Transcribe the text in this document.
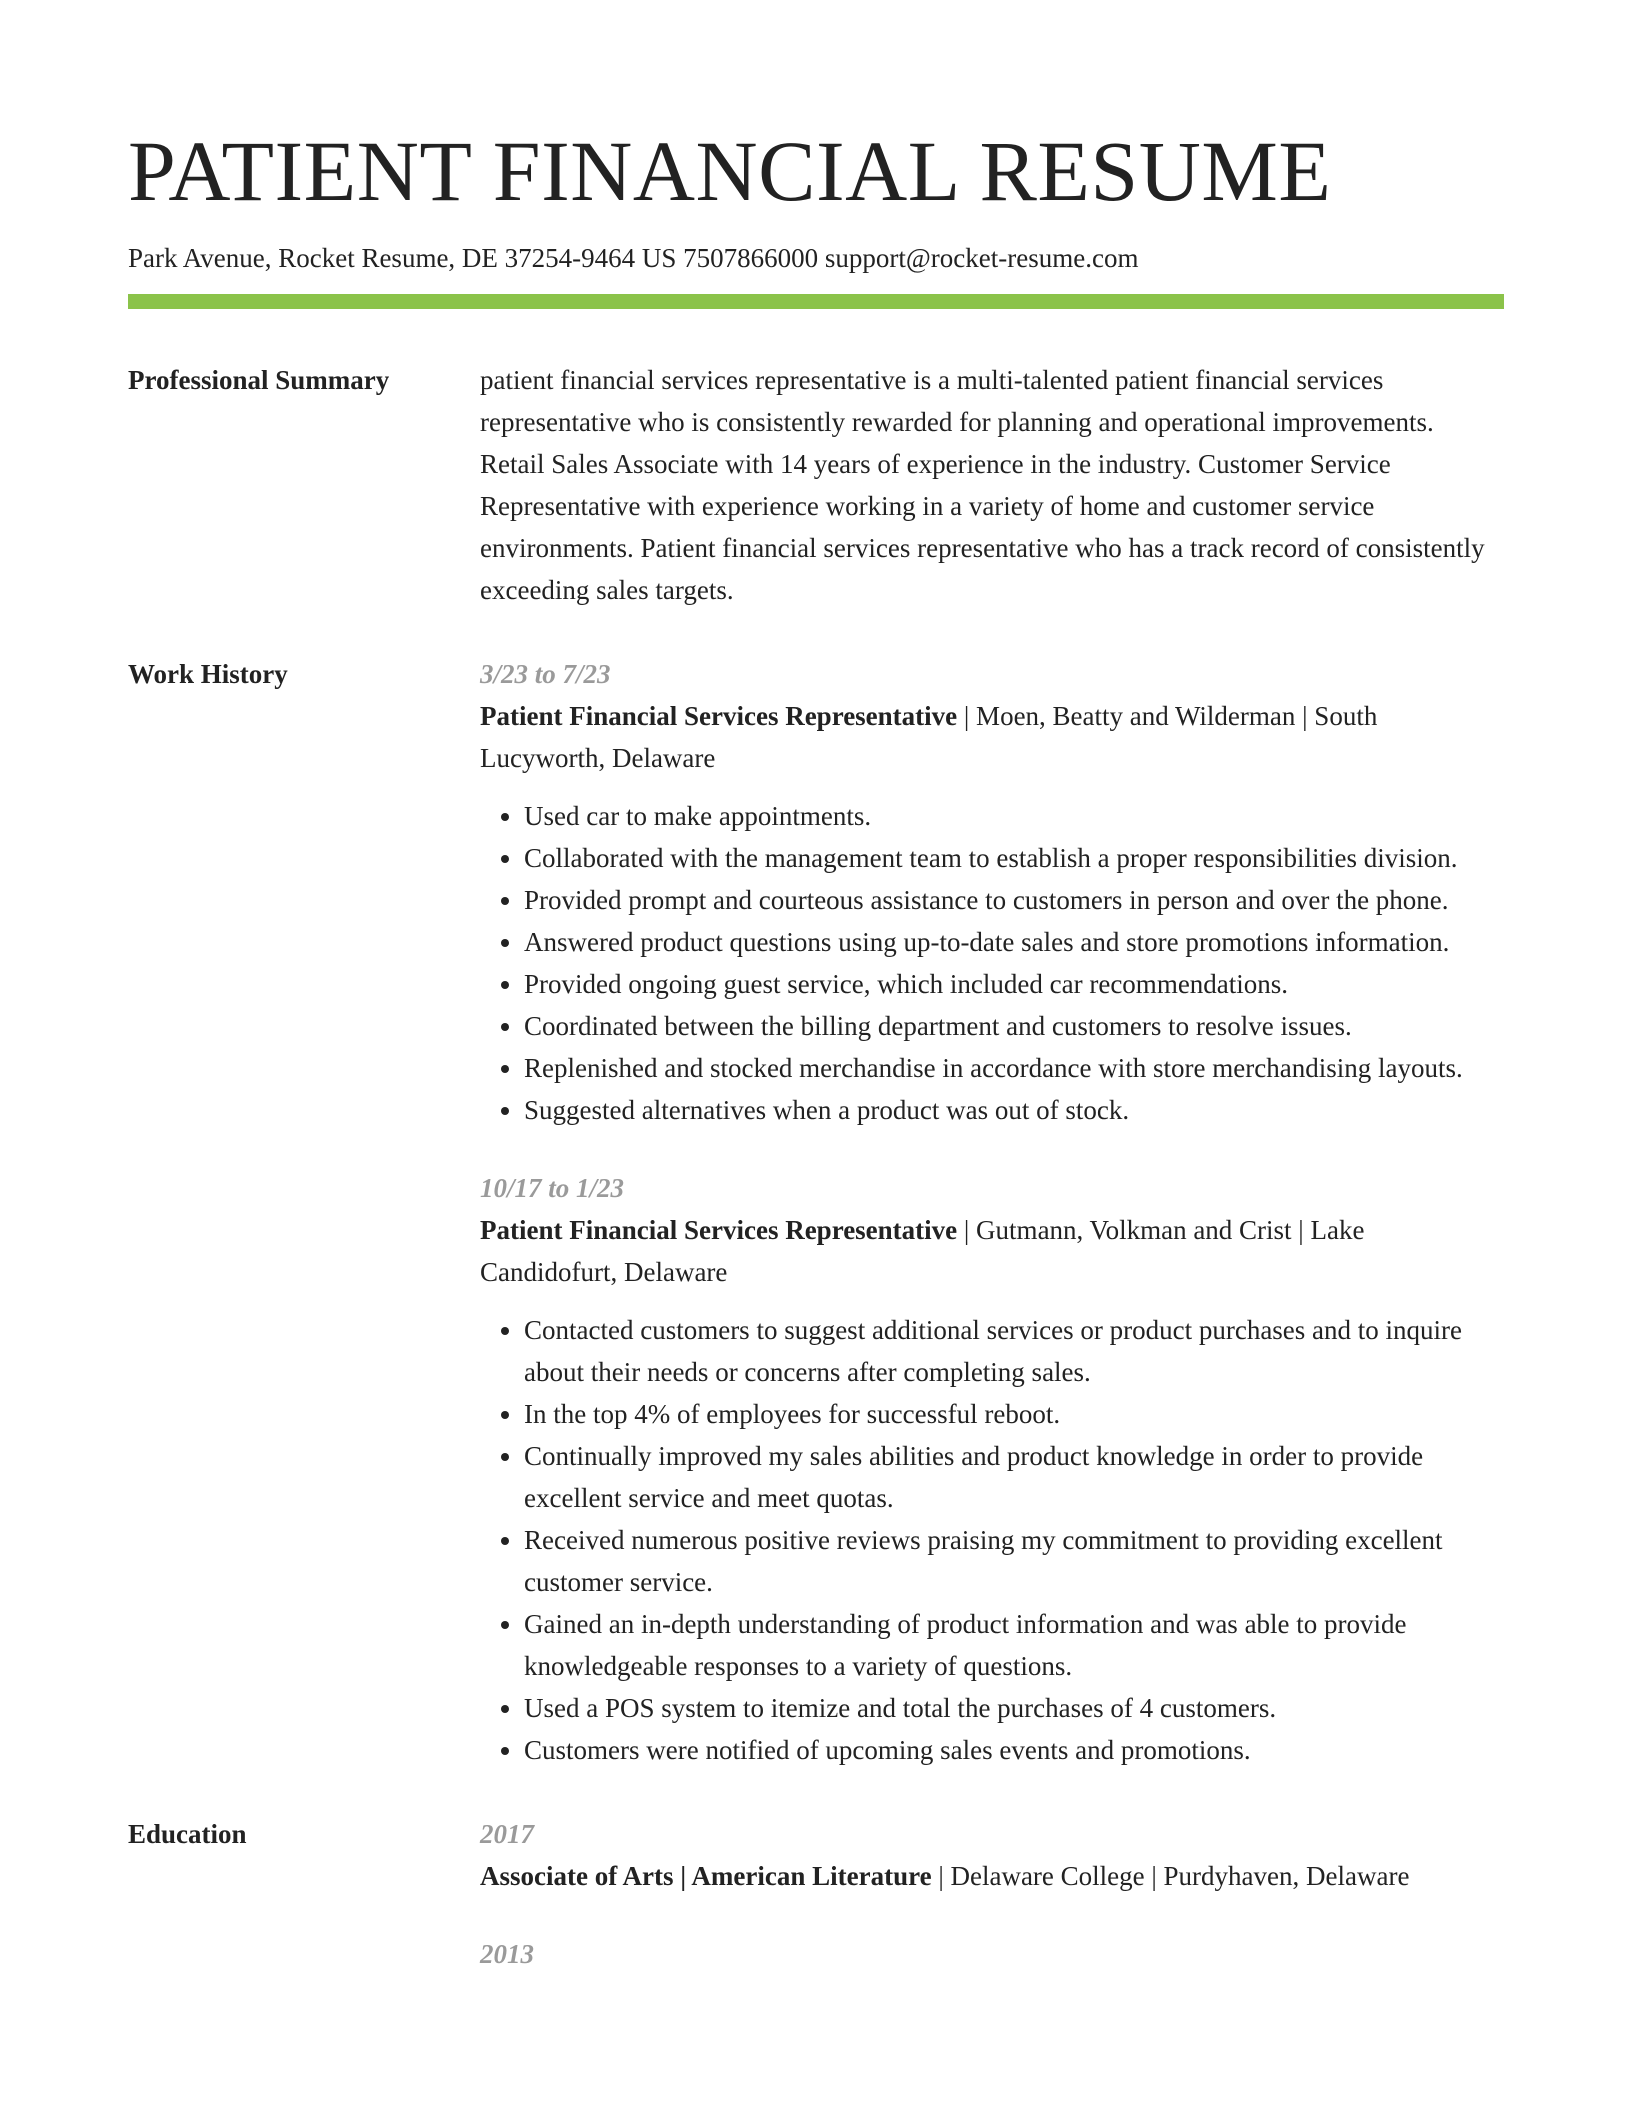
PATIENT FINANCIAL RESUME
Park Avenue, Rocket Resume, DE 37254-9464 US 7507866000 support@rocket-resume.com
Professional Summary	patient financial services representative is a multi-talented patient financial services representative who is consistently rewarded for planning and operational improvements. Retail Sales Associate with 14 years of experience in the industry. Customer Service Representative with experience working in a variety of home and customer service environments. Patient financial services representative who has a track record of consistently exceeding sales targets.

Work History	3/23 to 7/23
Patient Financial Services Representative | Moen, Beatty and Wilderman | South Lucyworth, Delaware
• Used car to make appointments.
• Collaborated with the management team to establish a proper responsibilities division.
• Provided prompt and courteous assistance to customers in person and over the phone.
• Answered product questions using up-to-date sales and store promotions information.
• Provided ongoing guest service, which included car recommendations.
• Coordinated between the billing department and customers to resolve issues.
• Replenished and stocked merchandise in accordance with store merchandising layouts.
• Suggested alternatives when a product was out of stock.
10/17 to 1/23
Patient Financial Services Representative | Gutmann, Volkman and Crist | Lake Candidofurt, Delaware
• Contacted customers to suggest additional services or product purchases and to inquire about their needs or concerns after completing sales.
• In the top 4% of employees for successful reboot.
• Continually improved my sales abilities and product knowledge in order to provide excellent service and meet quotas.
• Received numerous positive reviews praising my commitment to providing excellent customer service.
• Gained an in-depth understanding of product information and was able to provide knowledgeable responses to a variety of questions.
• Used a POS system to itemize and total the purchases of 4 customers.
• Customers were notified of upcoming sales events and promotions.
Education	2017
Associate of Arts | American Literature | Delaware College | Purdyhaven, Delaware
2013
